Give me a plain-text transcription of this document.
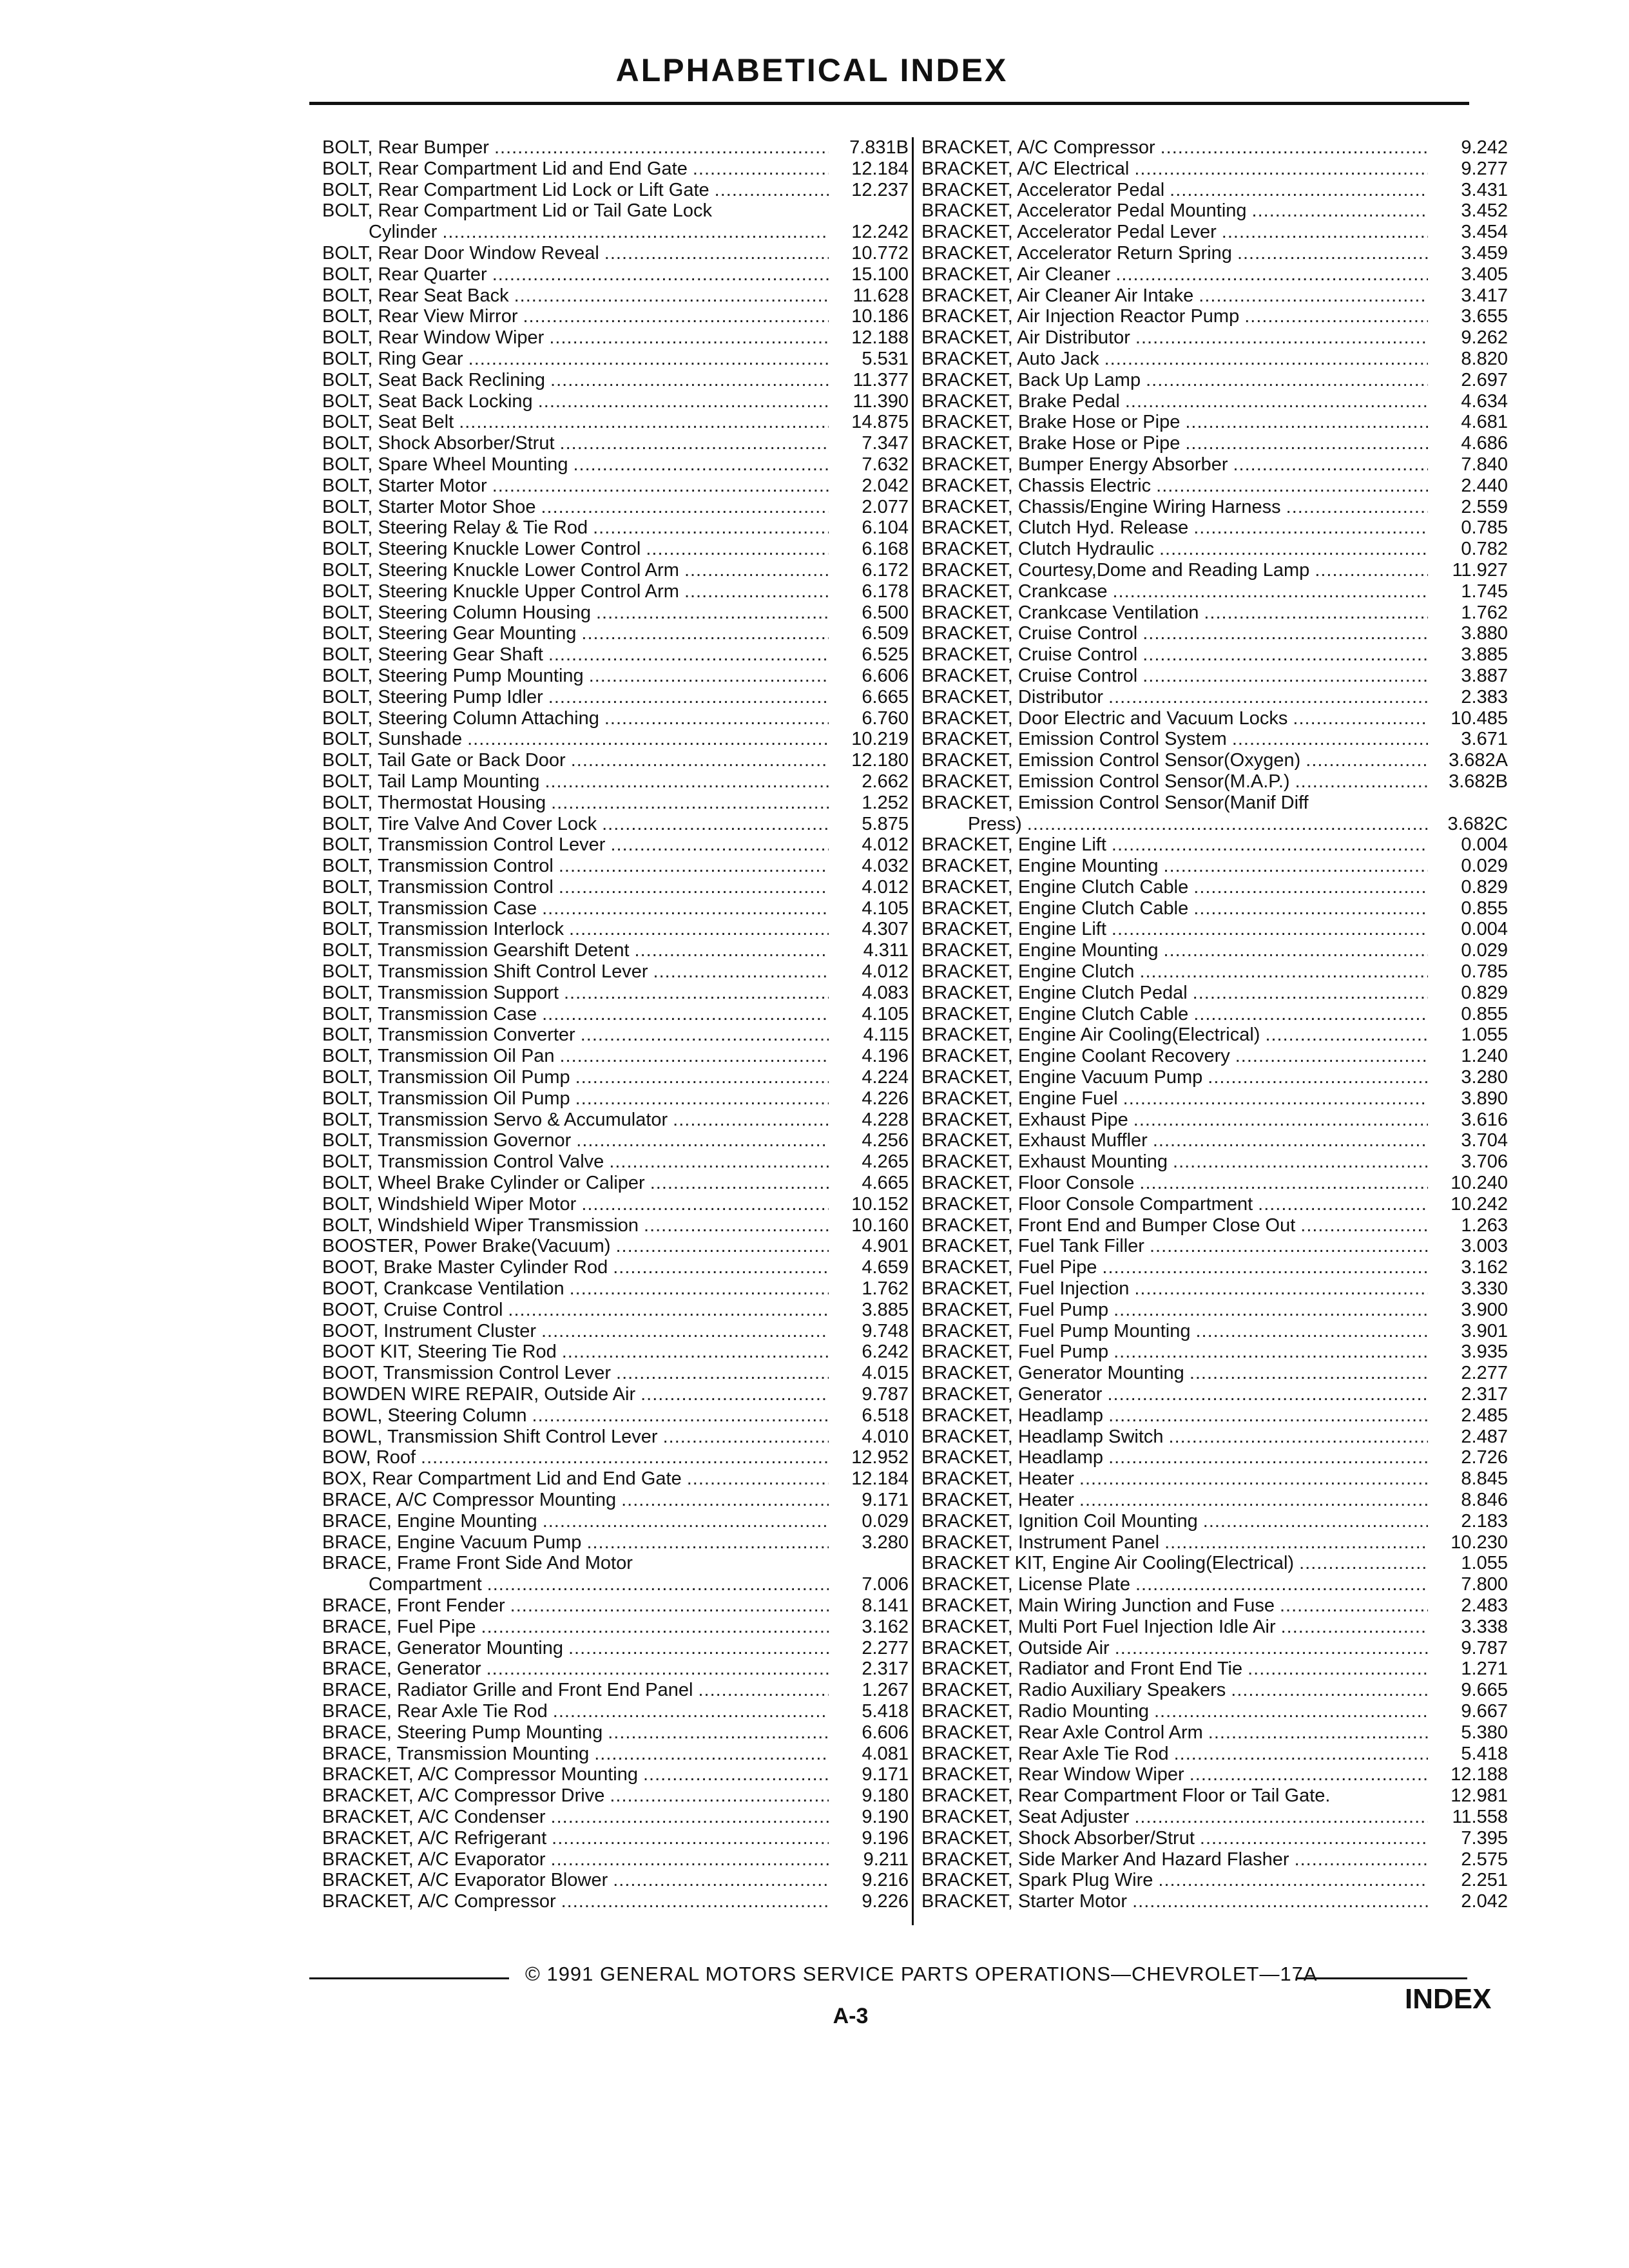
ALPHABETICAL INDEX
BOLT, Rear Bumper .....	7.831B
BOLT, Rear Compartment Lid and End Gate .....	12.184
BOLT, Rear Compartment Lid Lock or Lift Gate .....	12.237
BOLT, Rear Compartment Lid or Tail Gate Lock
Cylinder .....	12.242
BOLT, Rear Door Window Reveal .....	10.772
BOLT, Rear Quarter .....	15.100
BOLT, Rear Seat Back .....	11.628
BOLT, Rear View Mirror .....	10.186
BOLT, Rear Window Wiper .....	12.188
BOLT, Ring Gear .....	5.531
BOLT, Seat Back Reclining .....	11.377
BOLT, Seat Back Locking .....	11.390
BOLT, Seat Belt .....	14.875
BOLT, Shock Absorber/Strut .....	7.347
BOLT, Spare Wheel Mounting .....	7.632
BOLT, Starter Motor .....	2.042
BOLT, Starter Motor Shoe .....	2.077
BOLT, Steering Relay & Tie Rod .....	6.104
BOLT, Steering Knuckle Lower Control .....	6.168
BOLT, Steering Knuckle Lower Control Arm .....	6.172
BOLT, Steering Knuckle Upper Control Arm .....	6.178
BOLT, Steering Column Housing .....	6.500
BOLT, Steering Gear Mounting .....	6.509
BOLT, Steering Gear Shaft .....	6.525
BOLT, Steering Pump Mounting .....	6.606
BOLT, Steering Pump Idler .....	6.665
BOLT, Steering Column Attaching .....	6.760
BOLT, Sunshade .....	10.219
BOLT, Tail Gate or Back Door .....	12.180
BOLT, Tail Lamp Mounting .....	2.662
BOLT, Thermostat Housing .....	1.252
BOLT, Tire Valve And Cover Lock .....	5.875
BOLT, Transmission Control Lever .....	4.012
BOLT, Transmission Control .....	4.032
BOLT, Transmission Control .....	4.012
BOLT, Transmission Case .....	4.105
BOLT, Transmission Interlock .....	4.307
BOLT, Transmission Gearshift Detent .....	4.311
BOLT, Transmission Shift Control Lever .....	4.012
BOLT, Transmission Support .....	4.083
BOLT, Transmission Case .....	4.105
BOLT, Transmission Converter .....	4.115
BOLT, Transmission Oil Pan .....	4.196
BOLT, Transmission Oil Pump .....	4.224
BOLT, Transmission Oil Pump .....	4.226
BOLT, Transmission Servo & Accumulator .....	4.228
BOLT, Transmission Governor .....	4.256
BOLT, Transmission Control Valve .....	4.265
BOLT, Wheel Brake Cylinder or Caliper .....	4.665
BOLT, Windshield Wiper Motor .....	10.152
BOLT, Windshield Wiper Transmission .....	10.160
BOOSTER, Power Brake(Vacuum) .....	4.901
BOOT, Brake Master Cylinder Rod .....	4.659
BOOT, Crankcase Ventilation .....	1.762
BOOT, Cruise Control .....	3.885
BOOT, Instrument Cluster .....	9.748
BOOT KIT, Steering Tie Rod .....	6.242
BOOT, Transmission Control Lever .....	4.015
BOWDEN WIRE REPAIR, Outside Air .....	9.787
BOWL, Steering Column .....	6.518
BOWL, Transmission Shift Control Lever .....	4.010
BOW, Roof .....	12.952
BOX, Rear Compartment Lid and End Gate .....	12.184
BRACE, A/C Compressor Mounting .....	9.171
BRACE, Engine Mounting .....	0.029
BRACE, Engine Vacuum Pump .....	3.280
BRACE, Frame Front Side And Motor
Compartment .....	7.006
BRACE, Front Fender .....	8.141
BRACE, Fuel Pipe .....	3.162
BRACE, Generator Mounting .....	2.277
BRACE, Generator .....	2.317
BRACE, Radiator Grille and Front End Panel .....	1.267
BRACE, Rear Axle Tie Rod .....	5.418
BRACE, Steering Pump Mounting .....	6.606
BRACE, Transmission Mounting .....	4.081
BRACKET, A/C Compressor Mounting .....	9.171
BRACKET, A/C Compressor Drive .....	9.180
BRACKET, A/C Condenser .....	9.190
BRACKET, A/C Refrigerant .....	9.196
BRACKET, A/C Evaporator .....	9.211
BRACKET, A/C Evaporator Blower .....	9.216
BRACKET, A/C Compressor .....	9.226
BRACKET, A/C Compressor .....	9.242
BRACKET, A/C Electrical .....	9.277
BRACKET, Accelerator Pedal .....	3.431
BRACKET, Accelerator Pedal Mounting .....	3.452
BRACKET, Accelerator Pedal Lever .....	3.454
BRACKET, Accelerator Return Spring .....	3.459
BRACKET, Air Cleaner .....	3.405
BRACKET, Air Cleaner Air Intake .....	3.417
BRACKET, Air Injection Reactor Pump .....	3.655
BRACKET, Air Distributor .....	9.262
BRACKET, Auto Jack .....	8.820
BRACKET, Back Up Lamp .....	2.697
BRACKET, Brake Pedal .....	4.634
BRACKET, Brake Hose or Pipe .....	4.681
BRACKET, Brake Hose or Pipe .....	4.686
BRACKET, Bumper Energy Absorber .....	7.840
BRACKET, Chassis Electric .....	2.440
BRACKET, Chassis/Engine Wiring Harness .....	2.559
BRACKET, Clutch Hyd. Release .....	0.785
BRACKET, Clutch Hydraulic .....	0.782
BRACKET, Courtesy,Dome and Reading Lamp .....	11.927
BRACKET, Crankcase .....	1.745
BRACKET, Crankcase Ventilation .....	1.762
BRACKET, Cruise Control .....	3.880
BRACKET, Cruise Control .....	3.885
BRACKET, Cruise Control .....	3.887
BRACKET, Distributor .....	2.383
BRACKET, Door Electric and Vacuum Locks .....	10.485
BRACKET, Emission Control System .....	3.671
BRACKET, Emission Control Sensor(Oxygen) .....	3.682A
BRACKET, Emission Control Sensor(M.A.P.) .....	3.682B
BRACKET, Emission Control Sensor(Manif Diff
Press) .....	3.682C
BRACKET, Engine Lift .....	0.004
BRACKET, Engine Mounting .....	0.029
BRACKET, Engine Clutch Cable .....	0.829
BRACKET, Engine Clutch Cable .....	0.855
BRACKET, Engine Lift .....	0.004
BRACKET, Engine Mounting .....	0.029
BRACKET, Engine Clutch .....	0.785
BRACKET, Engine Clutch Pedal .....	0.829
BRACKET, Engine Clutch Cable .....	0.855
BRACKET, Engine Air Cooling(Electrical) .....	1.055
BRACKET, Engine Coolant Recovery .....	1.240
BRACKET, Engine Vacuum Pump .....	3.280
BRACKET, Engine Fuel .....	3.890
BRACKET, Exhaust Pipe .....	3.616
BRACKET, Exhaust Muffler .....	3.704
BRACKET, Exhaust Mounting .....	3.706
BRACKET, Floor Console .....	10.240
BRACKET, Floor Console Compartment .....	10.242
BRACKET, Front End and Bumper Close Out .....	1.263
BRACKET, Fuel Tank Filler .....	3.003
BRACKET, Fuel Pipe .....	3.162
BRACKET, Fuel Injection .....	3.330
BRACKET, Fuel Pump .....	3.900
BRACKET, Fuel Pump Mounting .....	3.901
BRACKET, Fuel Pump .....	3.935
BRACKET, Generator Mounting .....	2.277
BRACKET, Generator .....	2.317
BRACKET, Headlamp .....	2.485
BRACKET, Headlamp Switch .....	2.487
BRACKET, Headlamp .....	2.726
BRACKET, Heater .....	8.845
BRACKET, Heater .....	8.846
BRACKET, Ignition Coil Mounting .....	2.183
BRACKET, Instrument Panel .....	10.230
BRACKET KIT, Engine Air Cooling(Electrical) .....	1.055
BRACKET, License Plate .....	7.800
BRACKET, Main Wiring Junction and Fuse .....	2.483
BRACKET, Multi Port Fuel Injection Idle Air .....	3.338
BRACKET, Outside Air .....	9.787
BRACKET, Radiator and Front End Tie .....	1.271
BRACKET, Radio Auxiliary Speakers .....	9.665
BRACKET, Radio Mounting .....	9.667
BRACKET, Rear Axle Control Arm .....	5.380
BRACKET, Rear Axle Tie Rod .....	5.418
BRACKET, Rear Window Wiper .....	12.188
BRACKET, Rear Compartment Floor or Tail Gate.	12.981
BRACKET, Seat Adjuster .....	11.558
BRACKET, Shock Absorber/Strut .....	7.395
BRACKET, Side Marker And Hazard Flasher .....	2.575
BRACKET, Spark Plug Wire .....	2.251
BRACKET, Starter Motor .....	2.042
© 1991 GENERAL MOTORS SERVICE PARTS OPERATIONS—CHEVROLET—17A
A-3
INDEX
